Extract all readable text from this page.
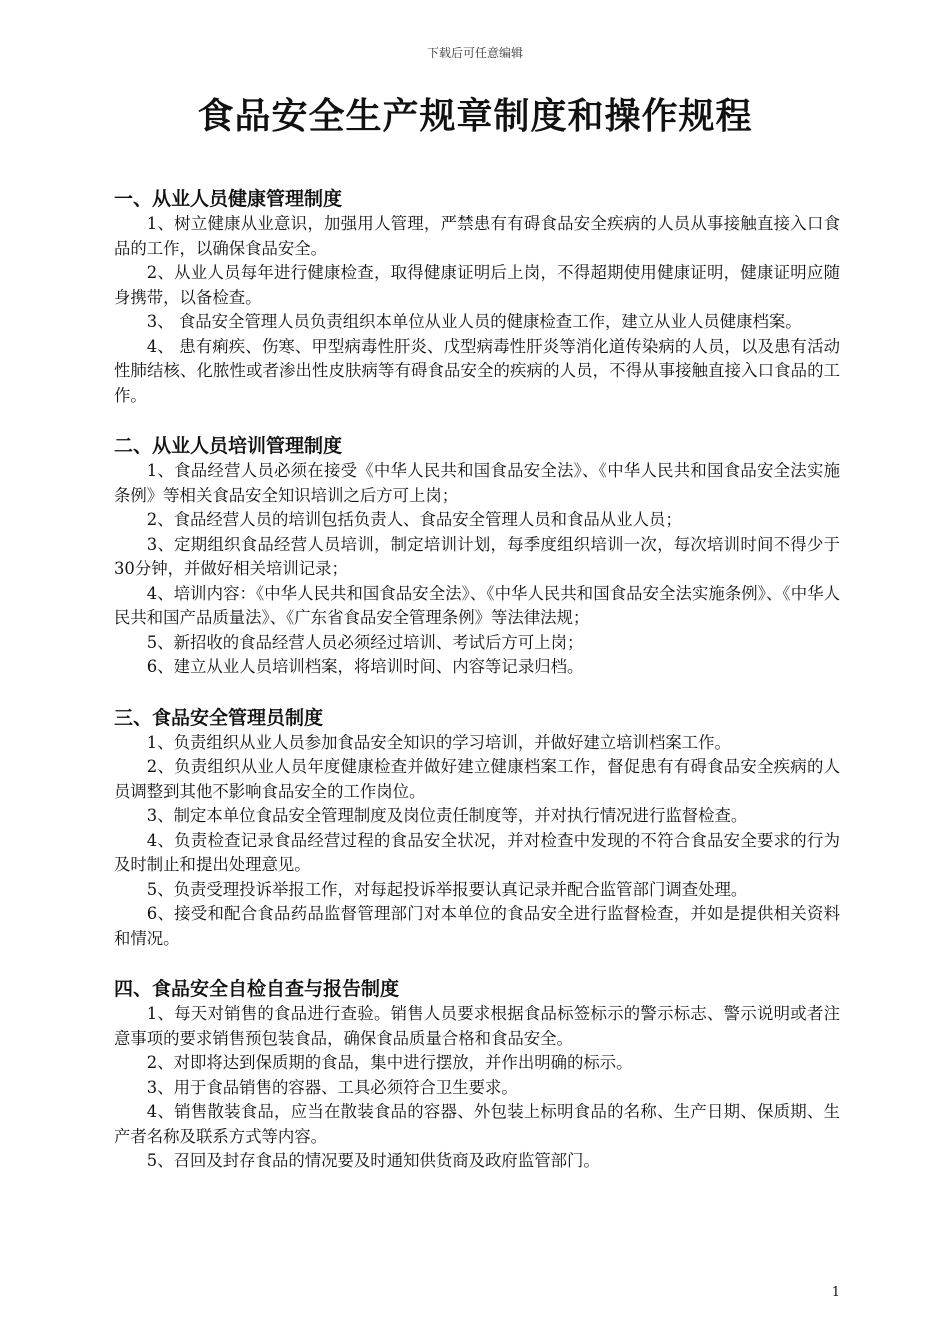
下载后可任意编辑
食品安全生产规章制度和操作规程

一、从业人员健康管理制度

1、树立健康从业意识，加强用人管理，严禁患有有碍食品安全疾病的人员从事接触直接入口食品的工作，以确保食品安全。

2、从业人员每年进行健康检查，取得健康证明后上岗，不得超期使用健康证明，健康证明应随身携带，以备检查。

3、 食品安全管理人员负责组织本单位从业人员的健康检查工作，建立从业人员健康档案。

4、 患有痢疾、伤寒、甲型病毒性肝炎、戊型病毒性肝炎等消化道传染病的人员，以及患有活动性肺结核、化脓性或者渗出性皮肤病等有碍食品安全的疾病的人员，不得从事接触直接入口食品的工作。

二、从业人员培训管理制度

1、食品经营人员必须在接受《中华人民共和国食品安全法》、《中华人民共和国食品安全法实施条例》等相关食品安全知识培训之后方可上岗；

2、食品经营人员的培训包括负责人、食品安全管理人员和食品从业人员；

3、定期组织食品经营人员培训，制定培训计划，每季度组织培训一次，每次培训时间不得少于30分钟，并做好相关培训记录；

4、培训内容：《中华人民共和国食品安全法》、《中华人民共和国食品安全法实施条例》、《中华人民共和国产品质量法》、《广东省食品安全管理条例》等法律法规；

5、新招收的食品经营人员必须经过培训、考试后方可上岗；

6、建立从业人员培训档案，将培训时间、内容等记录归档。

三、食品安全管理员制度

1、负责组织从业人员参加食品安全知识的学习培训，并做好建立培训档案工作。

2、负责组织从业人员年度健康检查并做好建立健康档案工作，督促患有有碍食品安全疾病的人员调整到其他不影响食品安全的工作岗位。

3、制定本单位食品安全管理制度及岗位责任制度等，并对执行情况进行监督检查。

4、负责检查记录食品经营过程的食品安全状况，并对检查中发现的不符合食品安全要求的行为及时制止和提出处理意见。

5、负责受理投诉举报工作，对每起投诉举报要认真记录并配合监管部门调查处理。

6、接受和配合食品药品监督管理部门对本单位的食品安全进行监督检查，并如是提供相关资料和情况。

四、食品安全自检自查与报告制度

1、每天对销售的食品进行查验。销售人员要求根据食品标签标示的警示标志、警示说明或者注意事项的要求销售预包装食品，确保食品质量合格和食品安全。

2、对即将达到保质期的食品，集中进行摆放，并作出明确的标示。

3、用于食品销售的容器、工具必须符合卫生要求。

4、销售散装食品，应当在散装食品的容器、外包装上标明食品的名称、生产日期、保质期、生产者名称及联系方式等内容。

5、召回及封存食品的情况要及时通知供货商及政府监管部门。

1
